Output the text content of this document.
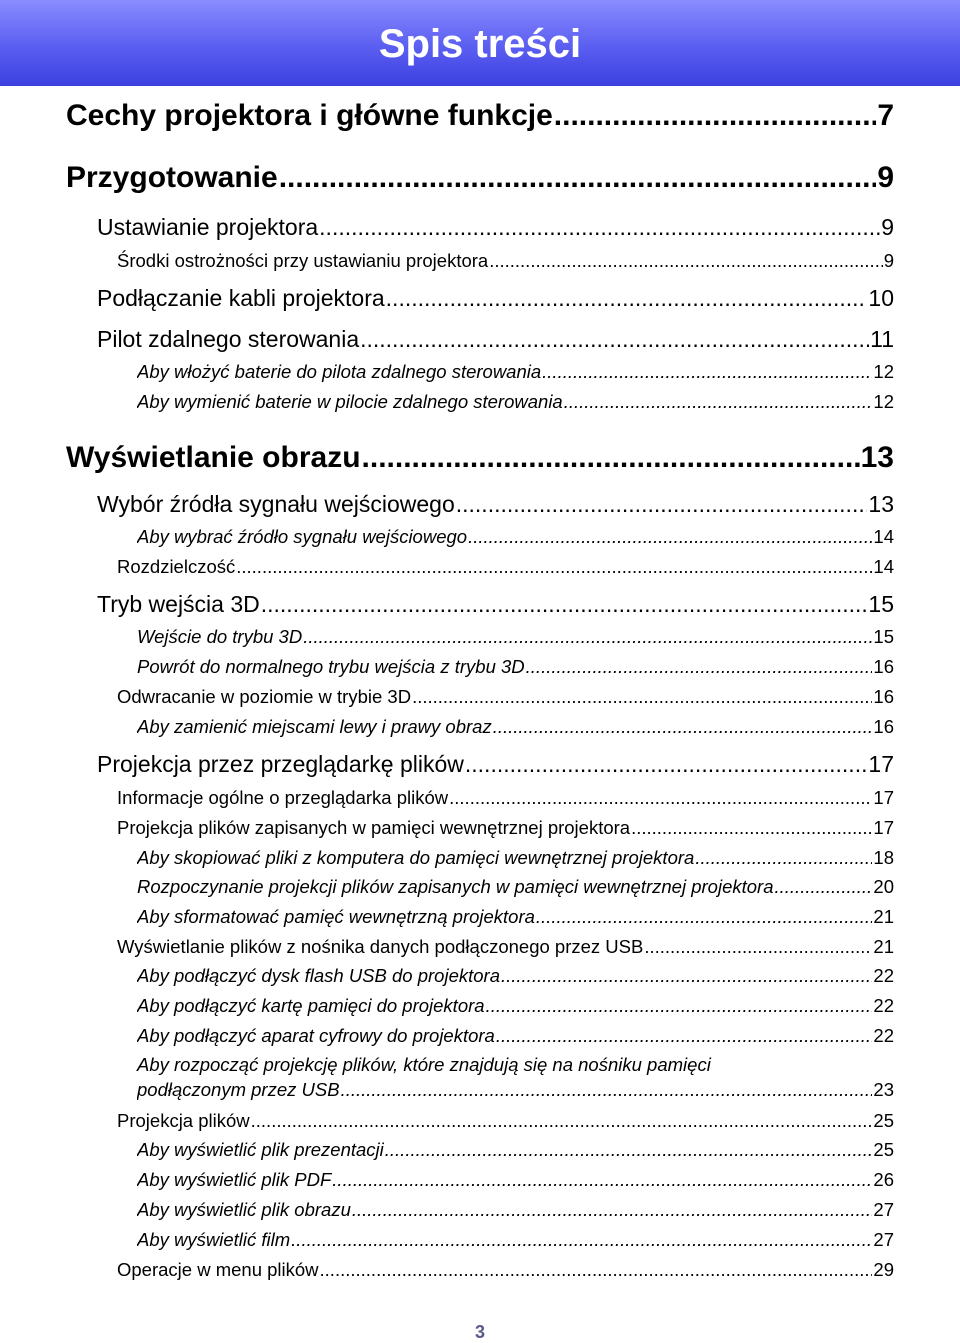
Spis treści
Cechy projektora i główne funkcje .....	7
Przygotowanie .....	9
Ustawianie projektora .....	9
Środki ostrożności przy ustawianiu projektora .....	9
Podłączanie kabli projektora .....	10
Pilot zdalnego sterowania .....	11
Aby włożyć baterie do pilota zdalnego sterowania .....	12
Aby wymienić baterie w pilocie zdalnego sterowania .....	12
Wyświetlanie obrazu .....	13
Wybór źródła sygnału wejściowego .....	13
Aby wybrać źródło sygnału wejściowego .....	14
Rozdzielczość .....	14
Tryb wejścia 3D .....	15
Wejście do trybu 3D .....	15
Powrót do normalnego trybu wejścia z trybu 3D .....	16
Odwracanie w poziomie w trybie 3D .....	16
Aby zamienić miejscami lewy i prawy obraz .....	16
Projekcja przez przeglądarkę plików .....	17
Informacje ogólne o przeglądarka plików .....	17
Projekcja plików zapisanych w pamięci wewnętrznej projektora .....	17
Aby skopiować pliki z komputera do pamięci wewnętrznej projektora .....	18
Rozpoczynanie projekcji plików zapisanych w pamięci wewnętrznej projektora .....	20
Aby sformatować pamięć wewnętrzną projektora .....	21
Wyświetlanie plików z nośnika danych podłączonego przez USB .....	21
Aby podłączyć dysk flash USB do projektora .....	22
Aby podłączyć kartę pamięci do projektora .....	22
Aby podłączyć aparat cyfrowy do projektora .....	22
Aby rozpocząć projekcję plików, które znajdują się na nośniku pamięci
podłączonym przez USB .....	23
Projekcja plików .....	25
Aby wyświetlić plik prezentacji .....	25
Aby wyświetlić plik PDF .....	26
Aby wyświetlić plik obrazu .....	27
Aby wyświetlić film .....	27
Operacje w menu plików .....	29
3
